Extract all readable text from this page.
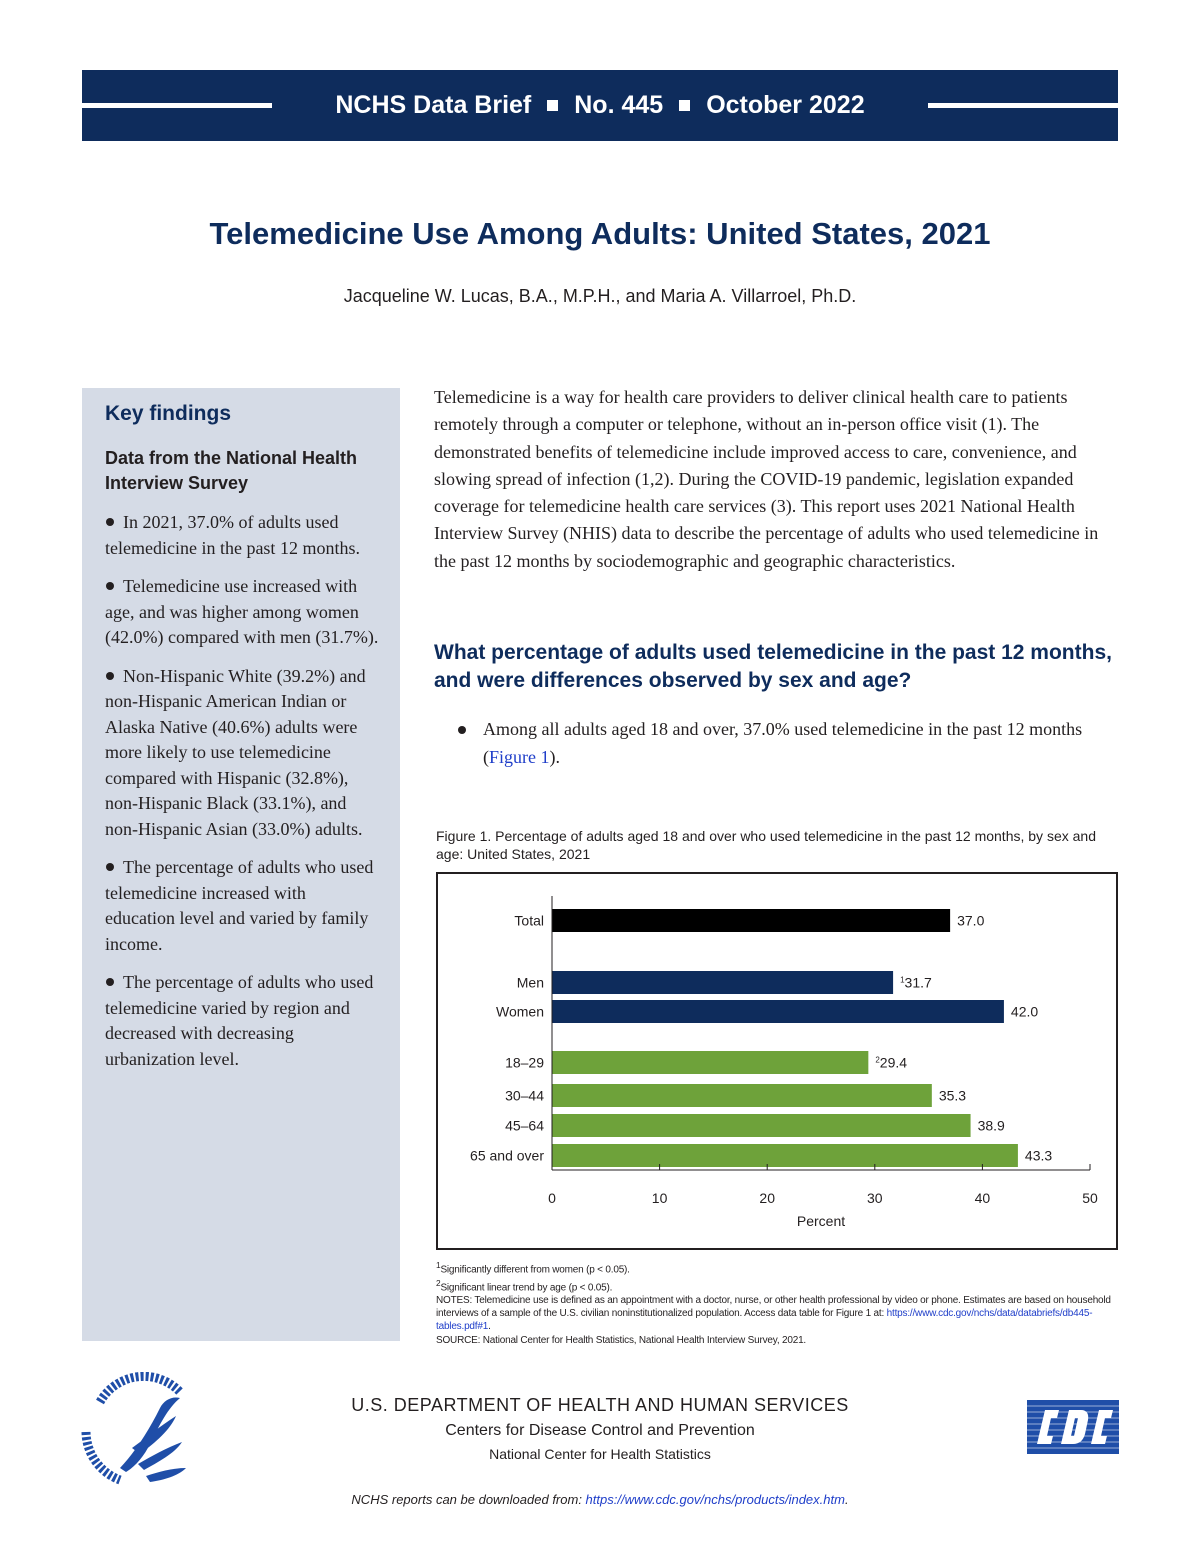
NCHS Data Brief No. 445 October 2022
Telemedicine Use Among Adults: United States, 2021

Jacqueline W. Lucas, B.A., M.P.H., and Maria A. Villarroel, Ph.D.

Key findings
Data from the National Health Interview Survey

In 2021, 37.0% of adults used telemedicine in the past 12 months.

Telemedicine use increased with age, and was higher among women (42.0%) compared with men (31.7%).

Non-Hispanic White (39.2%) and non-Hispanic American Indian or Alaska Native (40.6%) adults were more likely to use telemedicine compared with Hispanic (32.8%), non-Hispanic Black (33.1%), and non-Hispanic Asian (33.0%) adults.

The percentage of adults who used telemedicine increased with education level and varied by family income.

The percentage of adults who used telemedicine varied by region and decreased with decreasing urbanization level.

Telemedicine is a way for health care providers to deliver clinical health care to patients remotely through a computer or telephone, without an in-person office visit (1). The demonstrated benefits of telemedicine include improved access to care, convenience, and slowing spread of infection (1,2). During the COVID-19 pandemic, legislation expanded coverage for telemedicine health care services (3). This report uses 2021 National Health Interview Survey (NHIS) data to describe the percentage of adults who used telemedicine in the past 12 months by sociodemographic and geographic characteristics.

What percentage of adults used telemedicine in the past 12 months, and were differences observed by sex and age?
Among all adults aged 18 and over, 37.0% used telemedicine in the past 12 months (Figure 1).

Figure 1. Percentage of adults aged 18 and over who used telemedicine in the past 12 months, by sex and age: United States, 2021

Total	37.0
Men	$^1$31.7
Women	42.0
18–29	$^2$29.4
30–44	35.3
45–64	38.9
65 and over	43.3
0	10	20	30	40	50
Percent

$^1$Significantly different from women (p < 0.05).

$^2$Significant linear trend by age (p < 0.05).

NOTES: Telemedicine use is defined as an appointment with a doctor, nurse, or other health professional by video or phone. Estimates are based on household interviews of a sample of the U.S. civilian noninstitutionalized population. Access data table for Figure 1 at: https://www.cdc.gov/nchs/data/databriefs/db445-tables.pdf#1.

SOURCE: National Center for Health Statistics, National Health Interview Survey, 2021.

U.S. DEPARTMENT OF HEALTH AND HUMAN SERVICES

Centers for Disease Control and Prevention

National Center for Health Statistics

NCHS reports can be downloaded from: https://www.cdc.gov/nchs/products/index.htm.
